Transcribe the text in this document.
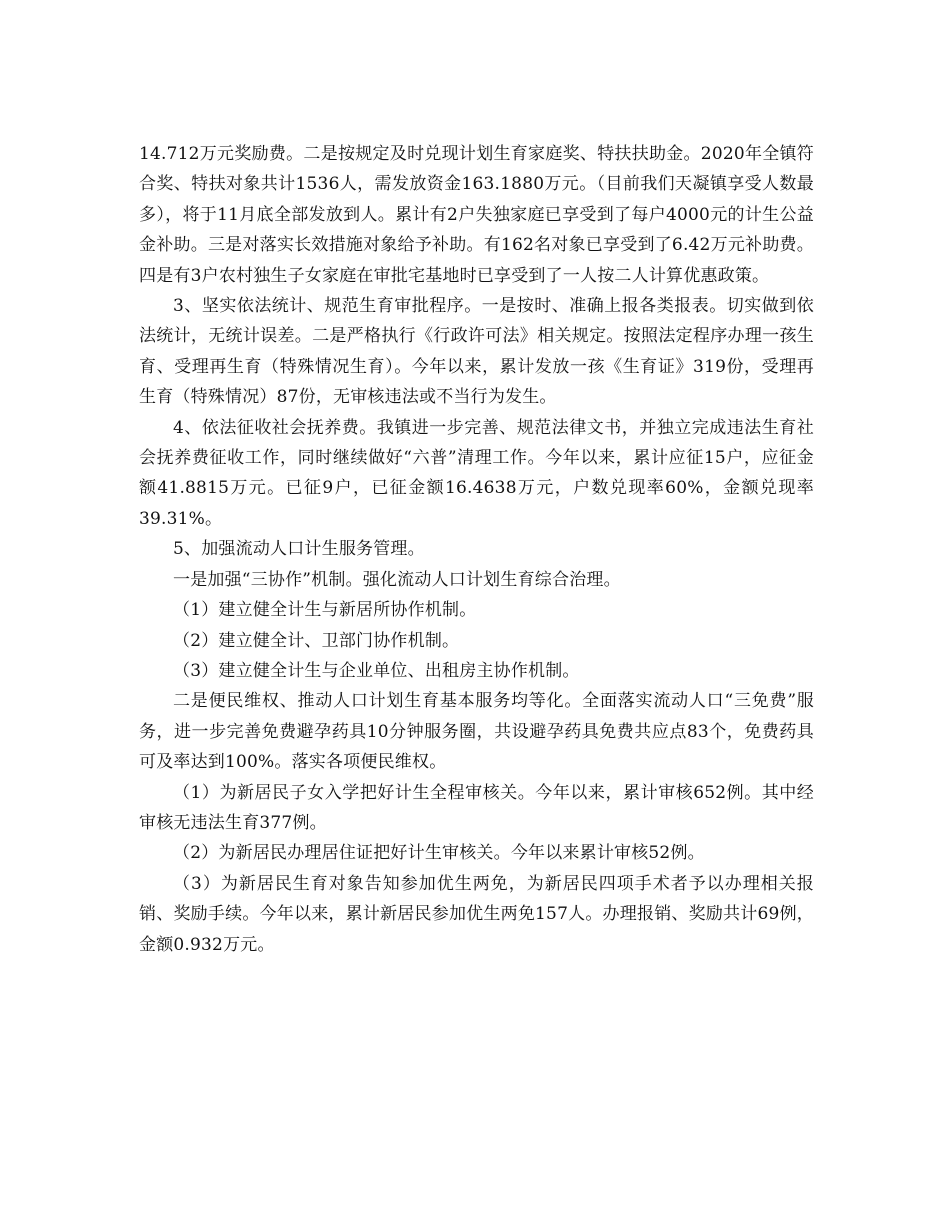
14.712万元奖励费。二是按规定及时兑现计划生育家庭奖、特扶扶助金。2020年全镇符合奖、特扶对象共计1536人，需发放资金163.1880万元。（目前我们天凝镇享受人数最多），将于11月底全部发放到人。累计有2户失独家庭已享受到了每户4000元的计生公益金补助。三是对落实长效措施对象给予补助。有162名对象已享受到了6.42万元补助费。四是有3户农村独生子女家庭在审批宅基地时已享受到了一人按二人计算优惠政策。

3、坚实依法统计、规范生育审批程序。一是按时、准确上报各类报表。切实做到依法统计，无统计误差。二是严格执行《行政许可法》相关规定。按照法定程序办理一孩生育、受理再生育（特殊情况生育）。今年以来，累计发放一孩《生育证》319份，受理再生育（特殊情况）87份，无审核违法或不当行为发生。

4、依法征收社会抚养费。我镇进一步完善、规范法律文书，并独立完成违法生育社会抚养费征收工作，同时继续做好“六普”清理工作。今年以来，累计应征15户，应征金额41.8815万元。已征9户，已征金额16.4638万元，户数兑现率60%，金额兑现率39.31%。

5、加强流动人口计生服务管理。

一是加强“三协作”机制。强化流动人口计划生育综合治理。

（1）建立健全计生与新居所协作机制。

（2）建立健全计、卫部门协作机制。

（3）建立健全计生与企业单位、出租房主协作机制。

二是便民维权、推动人口计划生育基本服务均等化。全面落实流动人口“三免费”服务，进一步完善免费避孕药具10分钟服务圈，共设避孕药具免费共应点83个，免费药具可及率达到100%。落实各项便民维权。

（1）为新居民子女入学把好计生全程审核关。今年以来，累计审核652例。其中经审核无违法生育377例。

（2）为新居民办理居住证把好计生审核关。今年以来累计审核52例。

（3）为新居民生育对象告知参加优生两免，为新居民四项手术者予以办理相关报销、奖励手续。今年以来，累计新居民参加优生两免157人。办理报销、奖励共计69例，金额0.932万元。
